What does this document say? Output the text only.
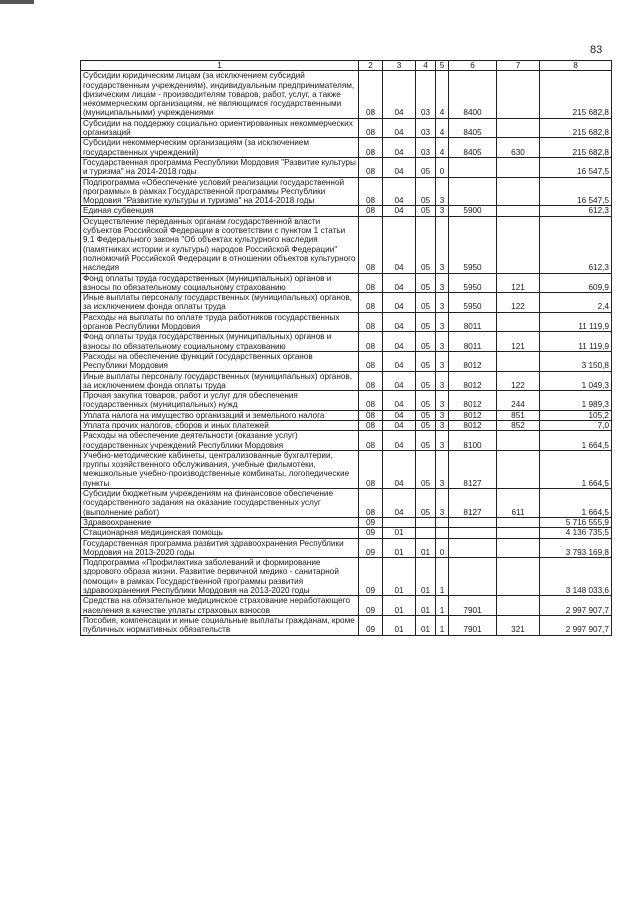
83
1	2	3	4	5	6	7	8
Субсидии юридическим лицам (за исключением субсидий государственным учреждениям), индивидуальным предпринимателям, физическим лицам - производителям товаров, работ, услуг, а также некоммерческим организациям, не являющимся государственными (муниципальными) учреждениями	08	04	03	4	8400		215 682,8
Субсидии на поддержку социально ориентированных некоммерческих организаций	08	04	03	4	8405		215 682,8
Субсидии некоммерческим организациям (за исключением государственных учреждений)	08	04	03	4	8405	630	215 682,8
Государственная программа Республики Мордовия "Развитие культуры и туризма" на 2014-2018 годы	08	04	05	0			16 547,5
Подпрограмма «Обеспечение условий реализации государственной программы» в рамках Государственной программы Республики Мордовия "Развитие культуры и туризма" на 2014-2018 годы	08	04	05	3			16 547,5
Единая субвенция	08	04	05	3	5900		612,3
Осуществление переданных органам государственной власти субъектов Российской Федерации в соответствии с пунктом 1 статьи 9.1 Федерального закона "Об объектах культурного наследия (памятниках истории и культуры) народов Российской Федерации" полномочий Российской Федерации в отношении объектов культурного наследия	08	04	05	3	5950		612,3
Фонд оплаты труда государственных (муниципальных) органов и взносы по обязательному социальному страхованию	08	04	05	3	5950	121	609,9
Иные выплаты персоналу государственных (муниципальных) органов, за исключением фонда оплаты труда	08	04	05	3	5950	122	2,4
Расходы на выплаты по оплате труда работников государственных органов Республики Мордовия	08	04	05	3	8011		11 119,9
Фонд оплаты труда государственных (муниципальных) органов и взносы по обязательному социальному страхованию	08	04	05	3	8011	121	11 119,9
Расходы на обеспечение функций государственных органов Республики Мордовия	08	04	05	3	8012		3 150,8
Иные выплаты персоналу государственных (муниципальных) органов, за исключением фонда оплаты труда	08	04	05	3	8012	122	1 049,3
Прочая закупка товаров, работ и услуг для обеспечения государственных (муниципальных) нужд	08	04	05	3	8012	244	1 989,3
Уплата налога на имущество организаций и земельного налога	08	04	05	3	8012	851	105,2
Уплата прочих налогов, сборов и иных платежей	08	04	05	3	8012	852	7,0
Расходы на обеспечение деятельности (оказание услуг) государственных учреждений Республики Мордовия	08	04	05	3	8100		1 664,5
Учебно-методические кабинеты, централизованные бухгалтерии, группы хозяйственного обслуживания, учебные фильмотеки, межшкольные учебно-производственные комбинаты, логопедические пункты	08	04	05	3	8127		1 664,5
Субсидии бюджетным учреждениям на финансовое обеспечение государственного задания на оказание государственных услуг (выполнение работ)	08	04	05	3	8127	611	1 664,5
Здравоохранение	09						5 716 555,9
Стационарная медицинская помощь	09	01					4 136 735,5
Государственная программа развития здравоохранения Республики Мордовия на 2013-2020 годы	09	01	01	0			3 793 169,8
Подпрограмма «Профилактика заболеваний и формирование здорового образа жизни. Развитие первичной медико - санитарной помощи» в рамках Государственной программы развития здравоохранения Республики Мордовия на 2013-2020 годы	09	01	01	1			3 148 033,6
Средства на обязательное медицинское страхование неработающего населения в качестве уплаты страховых взносов	09	01	01	1	7901		2 997 907,7
Пособия, компенсации и иные социальные выплаты гражданам, кроме публичных нормативных обязательств	09	01	01	1	7901	321	2 997 907,7
